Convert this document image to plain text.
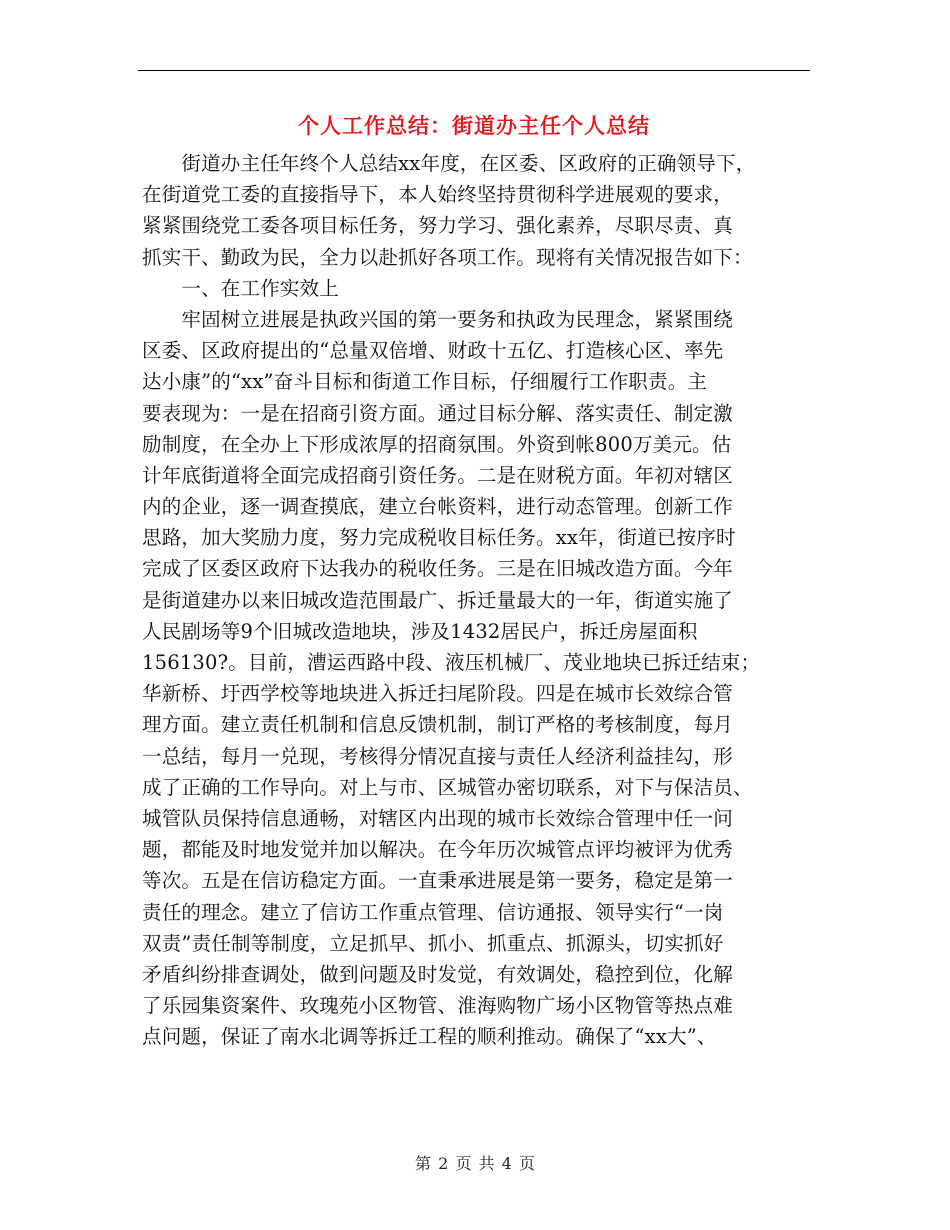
个人工作总结：街道办主任个人总结
　　街道办主任年终个人总结xx年度，在区委、区政府的正确领导下，
在街道党工委的直接指导下，本人始终坚持贯彻科学进展观的要求，
紧紧围绕党工委各项目标任务，努力学习、强化素养，尽职尽责、真
抓实干、勤政为民，全力以赴抓好各项工作。现将有关情况报告如下：
　　一、在工作实效上
　　牢固树立进展是执政兴国的第一要务和执政为民理念，紧紧围绕
区委、区政府提出的“总量双倍增、财政十五亿、打造核心区、率先
达小康”的“xx”奋斗目标和街道工作目标，仔细履行工作职责。主
要表现为：一是在招商引资方面。通过目标分解、落实责任、制定激
励制度，在全办上下形成浓厚的招商氛围。外资到帐800万美元。估
计年底街道将全面完成招商引资任务。二是在财税方面。年初对辖区
内的企业，逐一调查摸底，建立台帐资料，进行动态管理。创新工作
思路，加大奖励力度，努力完成税收目标任务。xx年，街道已按序时
完成了区委区政府下达我办的税收任务。三是在旧城改造方面。今年
是街道建办以来旧城改造范围最广、拆迁量最大的一年，街道实施了
人民剧场等9个旧城改造地块，涉及1432居民户，拆迁房屋面积
156130?。目前，漕运西路中段、液压机械厂、茂业地块已拆迁结束；
华新桥、圩西学校等地块进入拆迁扫尾阶段。四是在城市长效综合管
理方面。建立责任机制和信息反馈机制，制订严格的考核制度，每月
一总结，每月一兑现，考核得分情况直接与责任人经济利益挂勾，形
成了正确的工作导向。对上与市、区城管办密切联系，对下与保洁员、
城管队员保持信息通畅，对辖区内出现的城市长效综合管理中任一问
题，都能及时地发觉并加以解决。在今年历次城管点评均被评为优秀
等次。五是在信访稳定方面。一直秉承进展是第一要务，稳定是第一
责任的理念。建立了信访工作重点管理、信访通报、领导实行“一岗
双责”责任制等制度，立足抓早、抓小、抓重点、抓源头，切实抓好
矛盾纠纷排查调处，做到问题及时发觉，有效调处，稳控到位，化解
了乐园集资案件、玫瑰苑小区物管、淮海购物广场小区物管等热点难
点问题，保证了南水北调等拆迁工程的顺利推动。确保了“xx大”、
第 2 页 共 4 页
